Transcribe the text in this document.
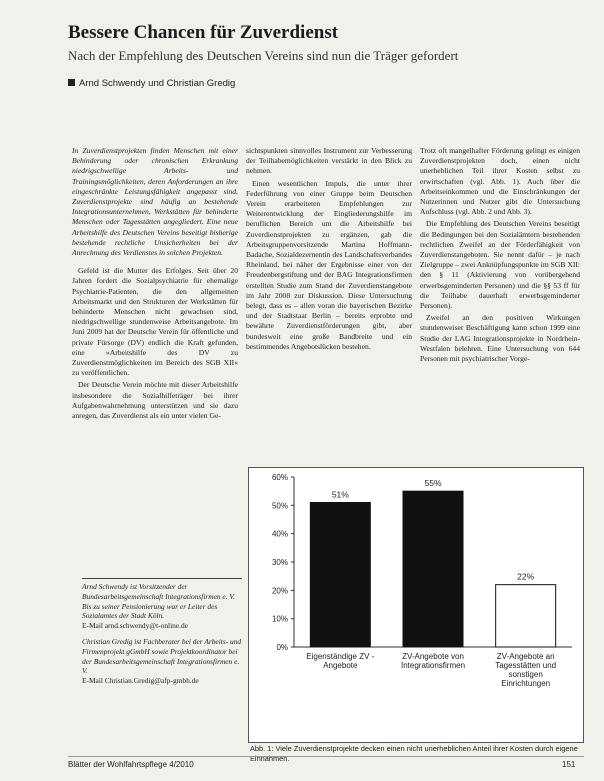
Bessere Chancen für Zuverdienst
Nach der Empfehlung des Deutschen Vereins sind nun die Träger gefordert
Arnd Schwendy und Christian Gredig

In Zuverdienstprojekten finden Menschen mit einer Behinderung oder chronischen Erkrankung niedrigschwellige Arbeits- und Trainingsmöglichkeiten, deren Anforderungen an ihre eingeschränkte Leistungsfähigkeit angepasst sind. Zuverdienstprojekte sind häufig an bestehende Integrationsunternehmen, Werkstätten für behinderte Menschen oder Tagesstätten angegliedert. Eine neue Arbeitshilfe des Deutschen Vereins beseitigt bisherige bestehende rechtliche Unsicherheiten bei der Anrechnung des Verdienstes in solchen Projekten.

Gefeld ist die Mutter des Erfolges. Seit über 20 Jahren fordert die Sozialpsychiatrie für ehemalige Psychiatrie-Patienten, die den allgemeinen Arbeitsmarkt und den Strukturen der Werkstätten für behinderte Menschen nicht gewachsen sind, niedrigschwellige stundenweise Arbeitsangebote. Im Juni 2009 hat der Deutsche Verein für öffentliche und private Fürsorge (DV) endlich die Kraft gefunden, eine »Arbeitshilfe des DV zu Zuverdienstmöglichkeiten im Bereich des SGB XII« zu veröffentlichen.

Der Deutsche Verein möchte mit dieser Arbeitshilfe insbesondere die Sozialhilfeträger bei ihrer Aufgabenwahrnehmung unterstützen und sie dazu anregen, das Zuverdienst als ein unter vielen Ge-

sichtspunkten sinnvolles Instrument zur Verbesserung der Teilhabemöglichkeiten verstärkt in den Blick zu nehmen.

Einen wesentlichen Impuls, die unter ihrer Federführung von einer Gruppe beim Deutschen Verein erarbeiteten Empfehlungen zur Weiterentwicklung der Eingliederungshilfe im beruflichen Bereich um die Arbeitshilfe bei Zuverdienstprojekten zu ergänzen, gab die Arbeitsgruppenvorsitzende Martina Hoffmann-Badache, Sozialdezernentin des Landschaftsverbandes Rheinland, bei näher der Ergebnisse einer von der Freudenbergstiftung und der BAG Integrationsfirmen erstellten Studie zum Stand der Zuverdienstangebote im Jahr 2008 zur Diskussion. Diese Untersuchung belegt, dass es – allen voran die bayerischen Bezirke und der Stadtstaat Berlin – bereits erprobte und bewährte Zuverdienstförderungen gibt, aber bundesweit eine große Bandbreite und ein bestimmendes Angebotslücken bestehen.

Trotz oft mangelhafter Förderung gelingt es einigen Zuverdienstprojekten doch, einen nicht unerheblichen Teil ihrer Kosten selbst zu erwirtschaften (vgl. Abb. 1). Auch über die Arbeitseinkommen und die Einschränkungen der Nutzerinnen und Nutzer gibt die Untersuchung Aufschluss (vgl. Abb. 2 und Abb. 3).

Die Empfehlung des Deutschen Vereins beseitigt die Bedingungen bei den Sozialämtern bestehenden rechtlichen Zweifel an der Förderfähigkeit von Zuverdienstangeboten. Sie nennt dafür – je nach Zielgruppe – zwei Anknüpfungspunkte im SGB XII: den § 11 (Aktivierung von vorübergehend erwerbsgeminderten Personen) und die §§ 53 ff für die Teilhabe dauerhaft erwerbsgeminderter Personen).

Zweifel an den positiven Wirkungen stundenweiser Beschäftigung kann schon 1999 eine Studie der LAG Integrationsprojekte in Nordrhein-Westfalen belehren. Eine Untersuchung von 644 Personen mit psychiatrischer Vorge-

Arnd Schwendy ist Vorsitzender der Bundesarbeitsgemeinschaft Integrationsfirmen e. V. Bis zu seiner Pensionierung war er Leiter des Sozialamtes der Stadt Köln.
E-Mail arnd.schwendy@t-online.de

Christian Gredig ist Fachberater bei der Arbeits- und Firmenprojekt gGmbH sowie Projektkoordinator bei der Bundesarbeitsgemeinschaft Integrationsfirmen e. V.
E-Mail Christian.Gredig@afp-gmbh.de

0%
10%
20%
30%
40%
50%
60%
51%
Eigenständige ZV -
Angebote
55%
ZV-Angebote von
Integrationsfirmen
22%
ZV-Angebote an
Tagesstätten und
sonstigen
Einrichtungen
Abb. 1: Viele Zuverdienstprojekte decken einen nicht unerheblichen Anteil ihrer Kosten durch eigene Einnahmen.
Blätter der Wohlfahrtspflege 4/2010	151
